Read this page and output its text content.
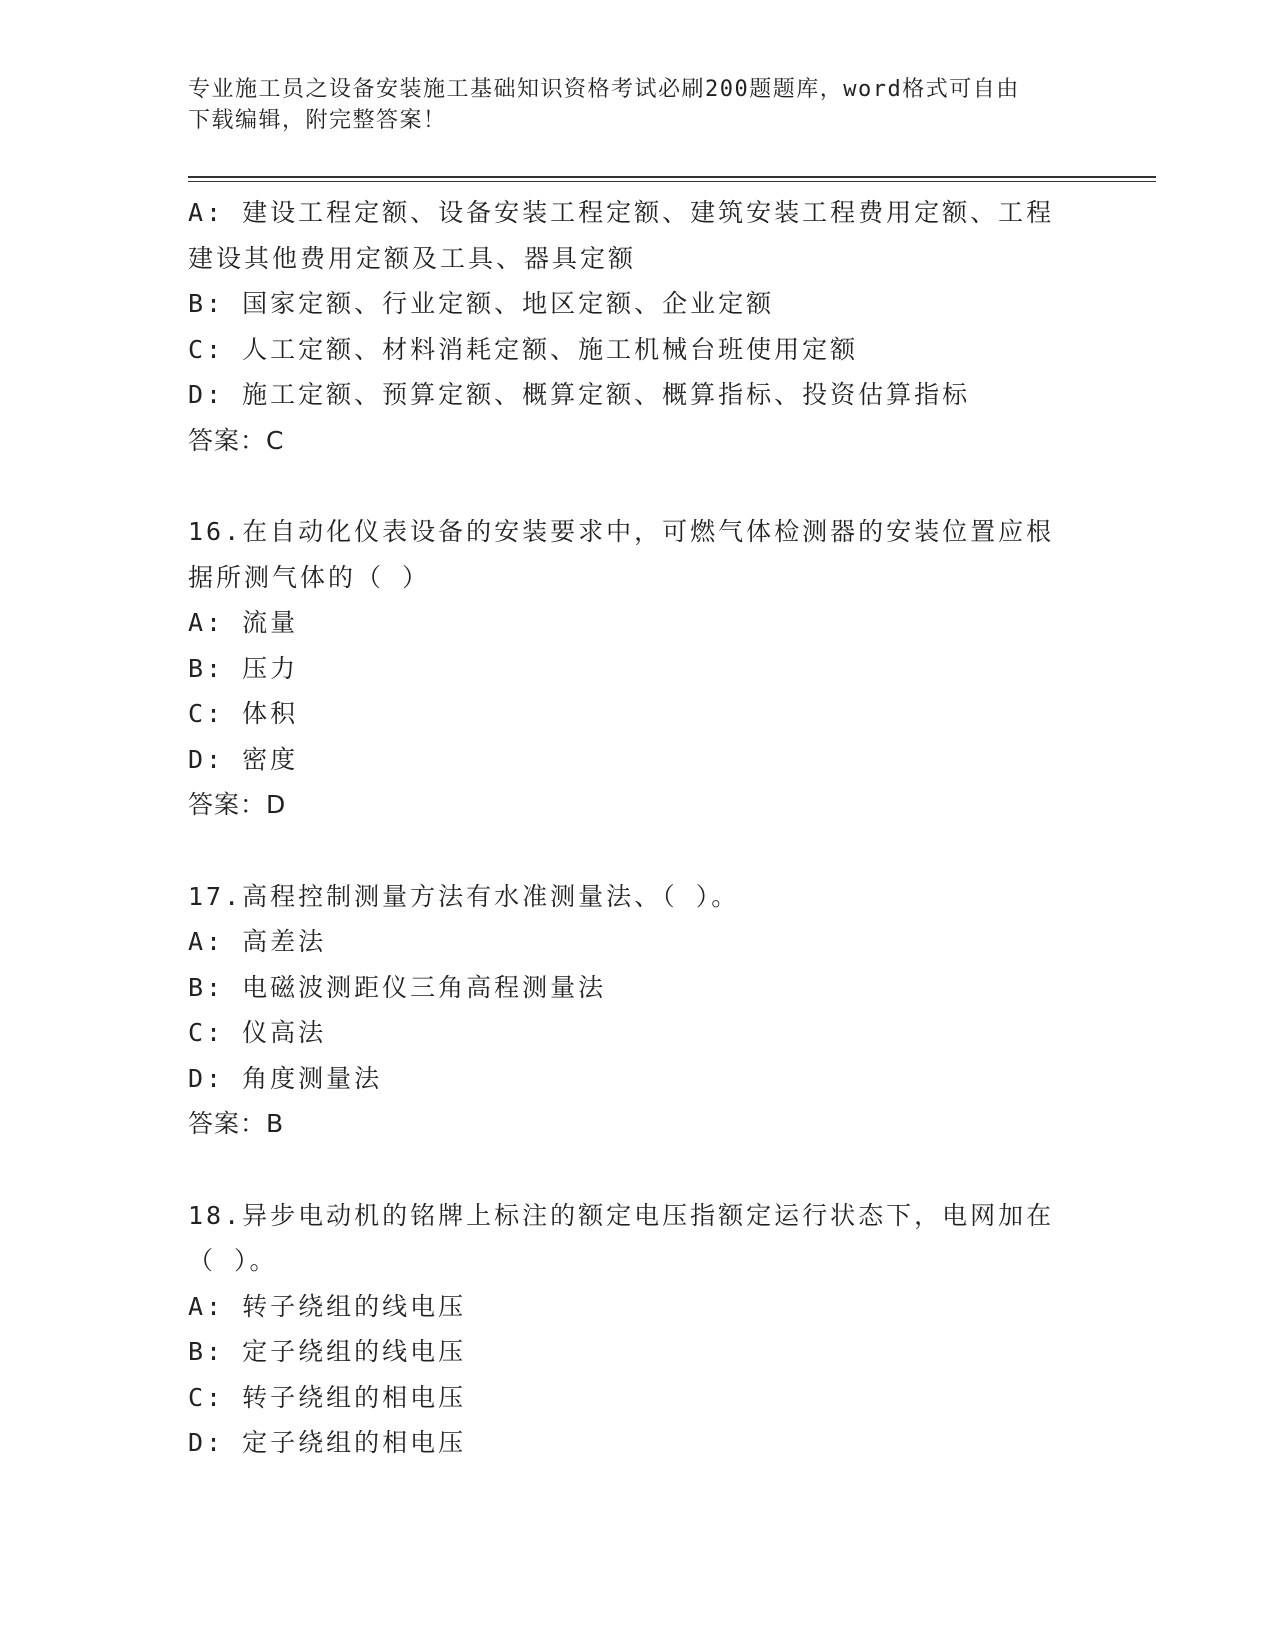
专业施工员之设备安装施工基础知识资格考试必刷200题题库，word格式可自由
下载编辑，附完整答案！
A: 建设工程定额、设备安装工程定额、建筑安装工程费用定额、工程
建设其他费用定额及工具、器具定额
B: 国家定额、行业定额、地区定额、企业定额
C: 人工定额、材料消耗定额、施工机械台班使用定额
D: 施工定额、预算定额、概算定额、概算指标、投资估算指标
答案：C
16.在自动化仪表设备的安装要求中，可燃气体检测器的安装位置应根
据所测气体的（ ）
A: 流量
B: 压力
C: 体积
D: 密度
答案：D
17.高程控制测量方法有水准测量法、（ ）。
A: 高差法
B: 电磁波测距仪三角高程测量法
C: 仪高法
D: 角度测量法
答案：B
18.异步电动机的铭牌上标注的额定电压指额定运行状态下，电网加在
（ ）。
A: 转子绕组的线电压
B: 定子绕组的线电压
C: 转子绕组的相电压
D: 定子绕组的相电压
